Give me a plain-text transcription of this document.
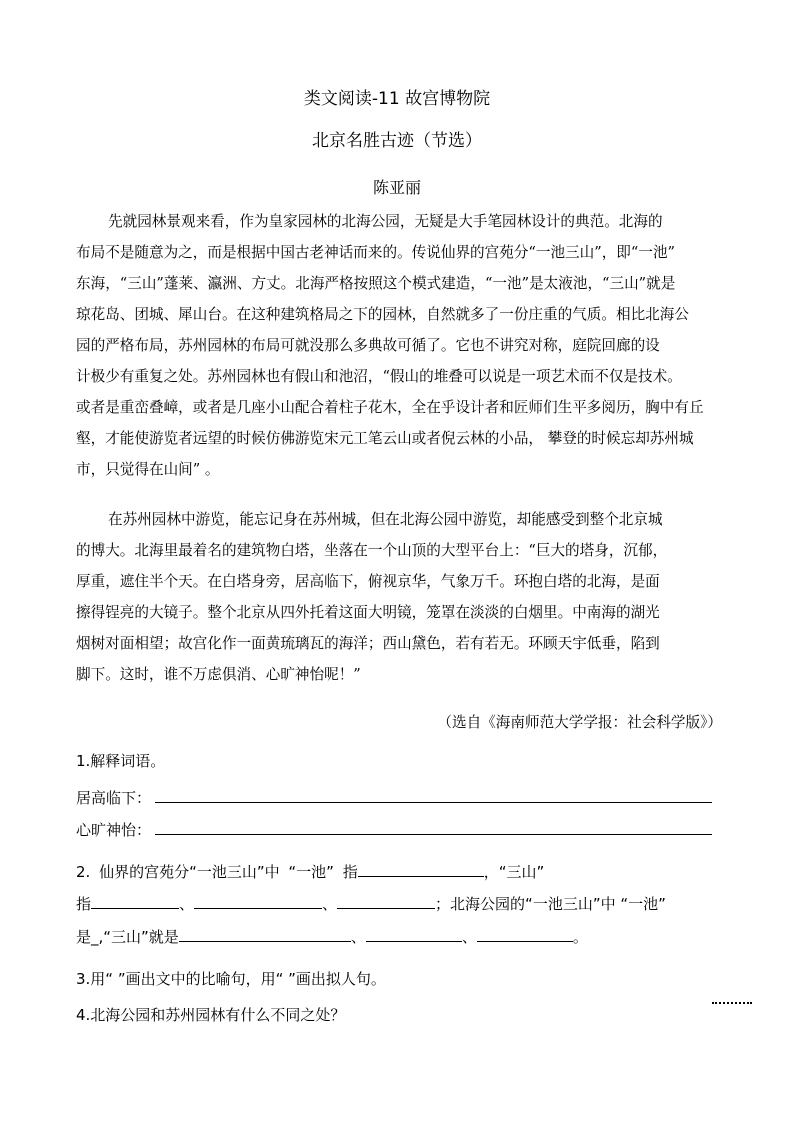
类文阅读-11 故宫博物院
北京名胜古迹（节选）
陈亚丽
先就园林景观来看，作为皇家园林的北海公园，无疑是大手笔园林设计的典范。北海的
布局不是随意为之，而是根据中国古老神话而来的。传说仙界的宫苑分“一池三山”，即“一池”
东海，“三山”蓬莱、瀛洲、方丈。北海严格按照这个模式建造，“一池”是太液池，“三山”就是
琼花岛、团城、犀山台。在这种建筑格局之下的园林，自然就多了一份庄重的气质。相比北海公
园的严格布局，苏州园林的布局可就没那么多典故可循了。它也不讲究对称，庭院回廊的设
计极少有重复之处。苏州园林也有假山和池沼，“假山的堆叠可以说是一项艺术而不仅是技术。
或者是重峦叠嶂，或者是几座小山配合着柱子花木，全在乎设计者和匠师们生平多阅历，胸中有丘
壑，才能使游览者远望的时候仿佛游览宋元工笔云山或者倪云林的小品， 攀登的时候忘却苏州城
市，只觉得在山间” 。
在苏州园林中游览，能忘记身在苏州城，但在北海公园中游览，却能感受到整个北京城
的博大。北海里最着名的建筑物白塔，坐落在一个山顶的大型平台上：“巨大的塔身，沉郁，
厚重，遮住半个天。在白塔身旁，居高临下，俯视京华，气象万千。环抱白塔的北海，是面
擦得锃亮的大镜子。整个北京从四外托着这面大明镜，笼罩在淡淡的白烟里。中南海的湖光
烟树对面相望；故宫化作一面黄琉璃瓦的海洋；西山黛色，若有若无。环顾天宇低垂，陷到
脚下。这时，谁不万虑俱消、心旷神怡呢！”
（选自《海南师范大学学报：社会科学版》）
1.解释词语。
居高临下：
心旷神怡：
2. 仙界的宫苑分“一池三山”中 “一池” 指	，“三山”
指	、	、	；北海公园的“一池三山”中 “一池”
是_,“三山”就是	、	、	。
3.用“ ”画出文中的比喻句，用“ ”画出拟人句。
4.北海公园和苏州园林有什么不同之处？
